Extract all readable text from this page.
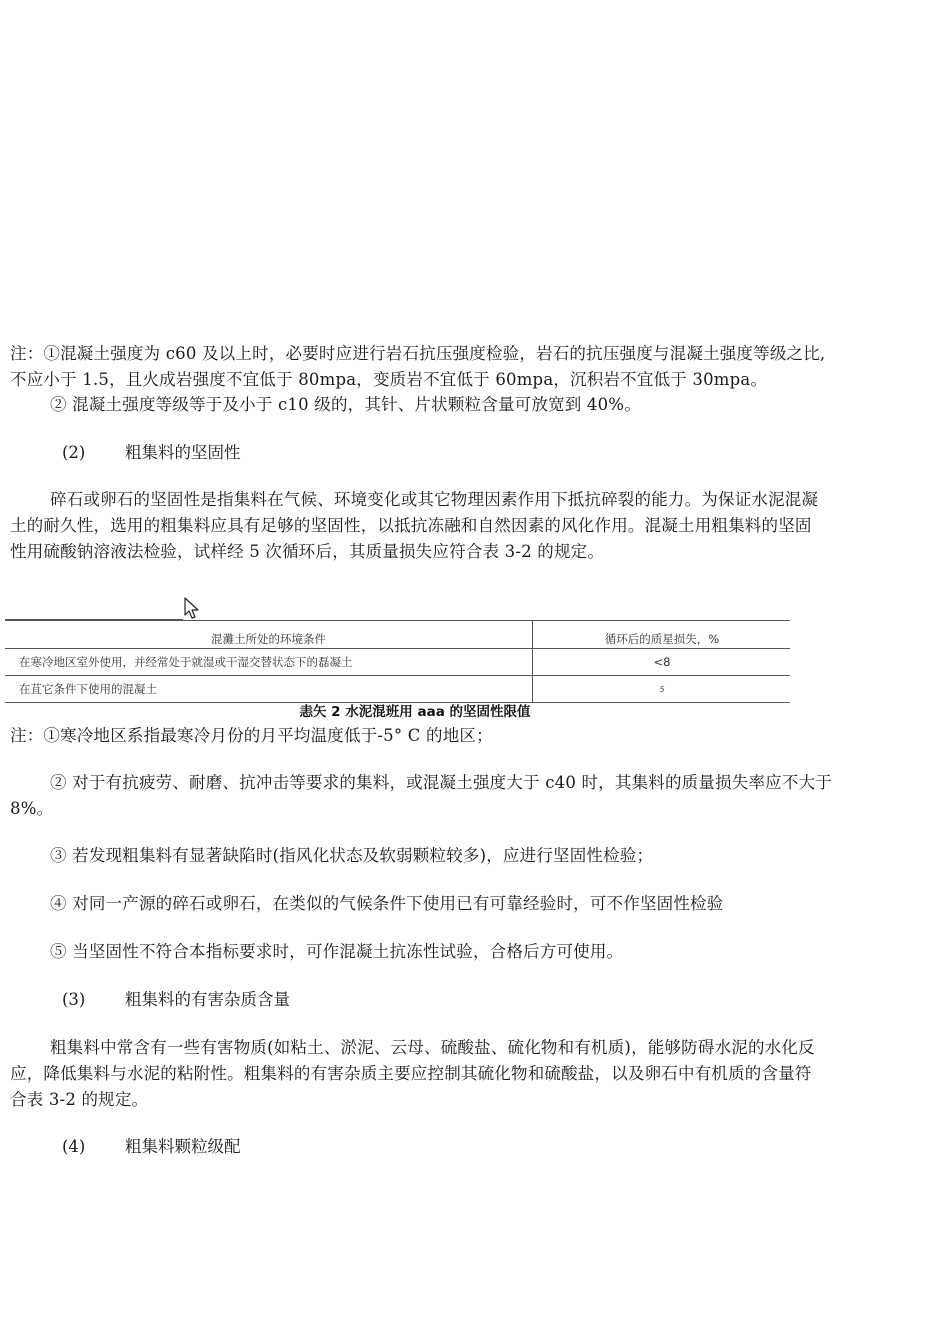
注：①混凝土强度为 c60 及以上时，必要时应进行岩石抗压强度检验，岩石的抗压强度与混凝土强度等级之比,
不应小于 1.5，且火成岩强度不宜低于 80mpa，变质岩不宜低于 60mpa，沉积岩不宜低于 30mpa。
② 混凝土强度等级等于及小于 c10 级的，其针、片状颗粒含量可放宽到 40%。
(2) 粗集料的坚固性
碎石或卵石的坚固性是指集料在气候、环境变化或其它物理因素作用下抵抗碎裂的能力。为保证水泥混凝
土的耐久性，选用的粗集料应具有足够的坚固性，以抵抗冻融和自然因素的风化作用。混凝土用粗集料的坚固
性用硫酸钠溶液法检验，试样经 5 次循环后，其质量损失应符合表 3-2 的规定。
混灘土所处的环境条件	循环后的质星损失，%
在寒冷地区室外使用，并经常处于就湿或干湿交替状态下的磊凝土	<8
在苴它条件下使用的混凝土	5
恚矢 2 水泥混班用 aaa 的坚固性限值
注：①寒冷地区系指最寒冷月份的月平均温度低于-5° C 的地区；
② 对于有抗疲劳、耐磨、抗冲击等要求的集料，或混凝土强度大于 c40 时，其集料的质量损失率应不大于
8%。
③ 若发现粗集料有显著缺陷时(指风化状态及软弱颗粒较多)，应进行坚固性检验；
④ 对同一产源的碎石或卵石，在类似的气候条件下使用已有可靠经验时，可不作坚固性检验
⑤ 当坚固性不符合本指标要求时，可作混凝土抗冻性试验，合格后方可使用。
(3) 粗集料的有害杂质含量
粗集料中常含有一些有害物质(如粘土、淤泥、云母、硫酸盐、硫化物和有机质)，能够防碍水泥的水化反
应，降低集料与水泥的粘附性。粗集料的有害杂质主要应控制其硫化物和硫酸盐，以及卵石中有机质的含量符
合表 3-2 的规定。
(4) 粗集料颗粒级配
